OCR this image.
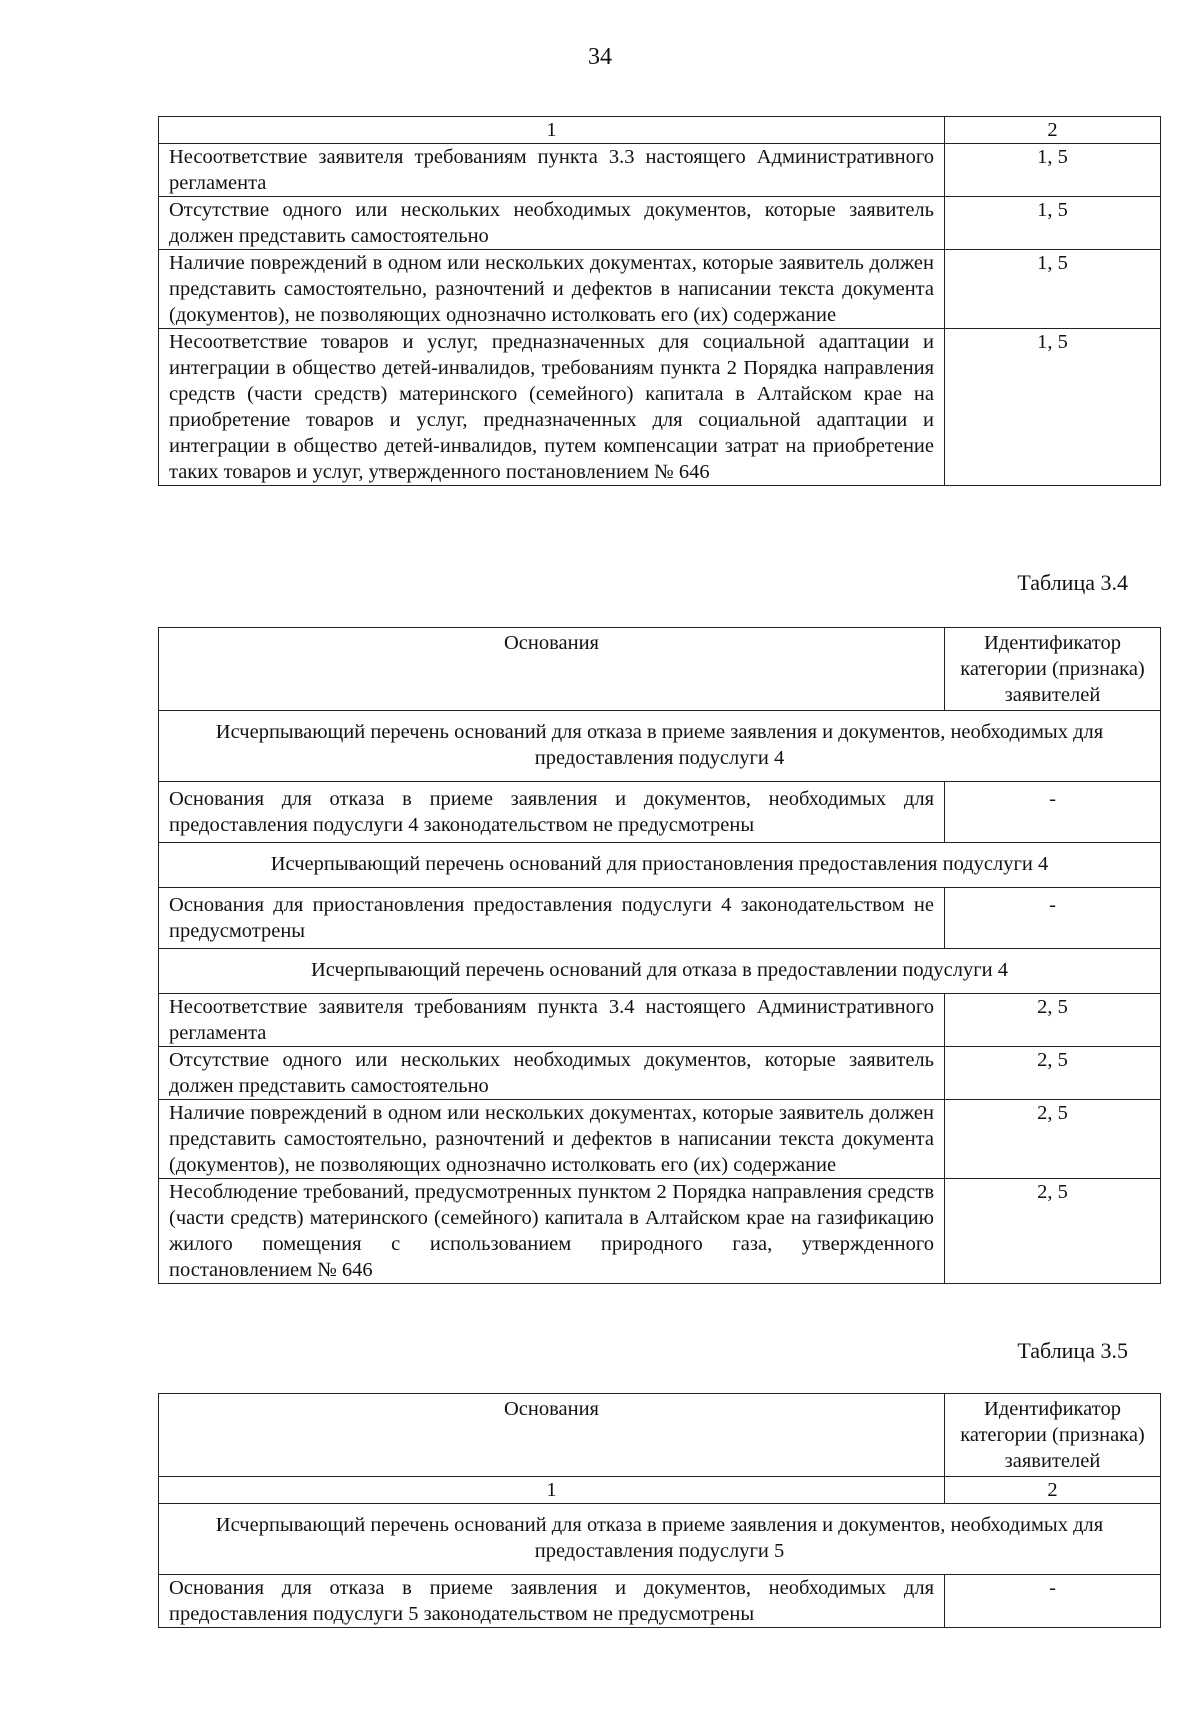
34
1	2
Несоответствие заявителя требованиям пункта 3.3 настоящего Административного регламента	1, 5
Отсутствие одного или нескольких необходимых документов, которые заявитель должен представить самостоятельно	1, 5
Наличие повреждений в одном или нескольких документах, которые заявитель должен представить самостоятельно, разночтений и дефектов в написании текста документа (документов), не позволяющих однозначно истолковать его (их) содержание	1, 5
Несоответствие товаров и услуг, предназначенных для социальной адаптации и интеграции в общество детей-инвалидов, требованиям пункта 2 Порядка направления средств (части средств) материнского (семейного) капитала в Алтайском крае на приобретение товаров и услуг, предназначенных для социальной адаптации и интеграции в общество детей-инвалидов, путем компенсации затрат на приобретение таких товаров и услуг, утвержденного постановлением № 646	1, 5
Таблица 3.4
Основания	Идентификатор категории (признака) заявителей
Исчерпывающий перечень оснований для отказа в приеме заявления и документов, необходимых для предоставления подуслуги 4	
Основания для отказа в приеме заявления и документов, необходимых для предоставления подуслуги 4 законодательством не предусмотрены	-
Исчерпывающий перечень оснований для приостановления предоставления подуслуги 4	
Основания для приостановления предоставления подуслуги 4 законодательством не предусмотрены	-
Исчерпывающий перечень оснований для отказа в предоставлении подуслуги 4	
Несоответствие заявителя требованиям пункта 3.4 настоящего Административного регламента	2, 5
Отсутствие одного или нескольких необходимых документов, которые заявитель должен представить самостоятельно	2, 5
Наличие повреждений в одном или нескольких документах, которые заявитель должен представить самостоятельно, разночтений и дефектов в написании текста документа (документов), не позволяющих однозначно истолковать его (их) содержание	2, 5
Несоблюдение требований, предусмотренных пунктом 2 Порядка направления средств (части средств) материнского (семейного) капитала в Алтайском крае на газификацию жилого помещения с использованием природного газа, утвержденного постановлением № 646	2, 5
Таблица 3.5
Основания	Идентификатор категории (признака) заявителей
1	2
Исчерпывающий перечень оснований для отказа в приеме заявления и документов, необходимых для предоставления подуслуги 5	
Основания для отказа в приеме заявления и документов, необходимых для предоставления подуслуги 5 законодательством не предусмотрены	-
